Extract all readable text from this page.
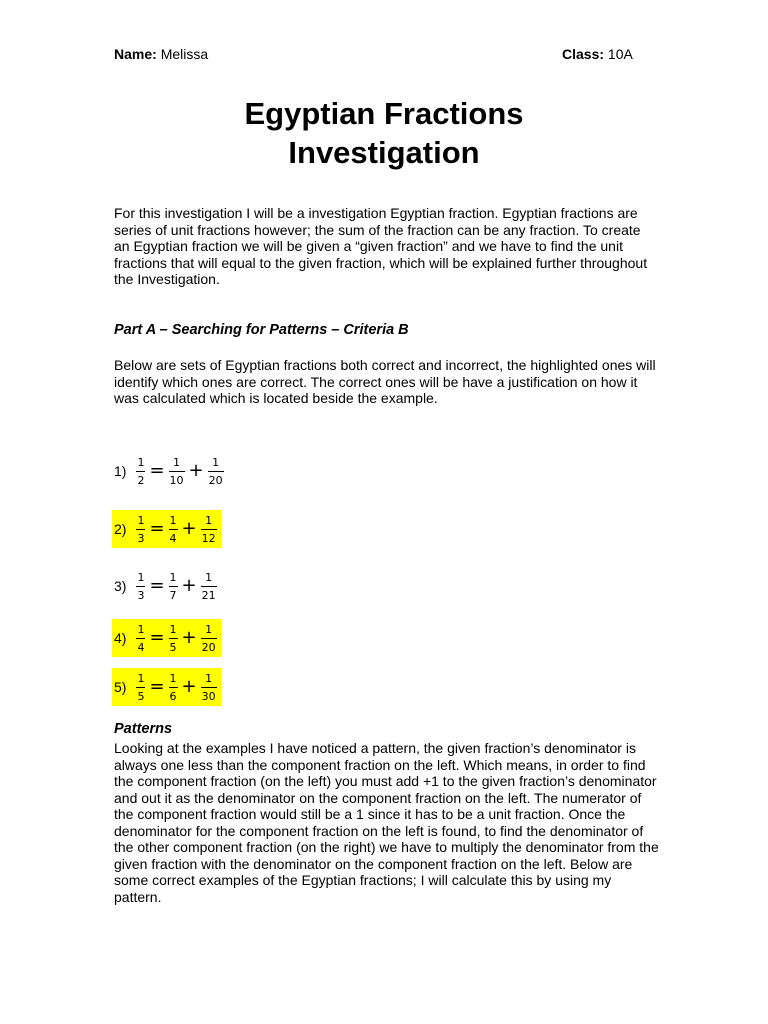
Name: Melissa	Class: 10A
Egyptian Fractions
Investigation

For this investigation I will be a investigation Egyptian fraction. Egyptian fractions are series of unit fractions however; the sum of the fraction can be any fraction. To create an Egyptian fraction we will be given a “given fraction” and we have to find the unit fractions that will equal to the given fraction, which will be explained further throughout the Investigation.

Part A – Searching for Patterns – Criteria B

Below are sets of Egyptian fractions both correct and incorrect, the highlighted ones will identify which ones are correct. The correct ones will be have a justification on how it was calculated which is located beside the example.

1)
1
2 = 1
10 + 1
20
2)
1
3 = 1
4 + 1
12
3)
1
3 = 1
7 + 1
21
4)
1
4 = 1
5 + 1
20
5)
1
5 = 1
6 + 1
30
Patterns

Looking at the examples I have noticed a pattern, the given fraction’s denominator is always one less than the component fraction on the left. Which means, in order to find the component fraction (on the left) you must add +1 to the given fraction’s denominator and out it as the denominator on the component fraction on the left. The numerator of the component fraction would still be a 1 since it has to be a unit fraction. Once the denominator for the component fraction on the left is found, to find the denominator of the other component fraction (on the right) we have to multiply the denominator from the given fraction with the denominator on the component fraction on the left. Below are some correct examples of the Egyptian fractions; I will calculate this by using my pattern.
